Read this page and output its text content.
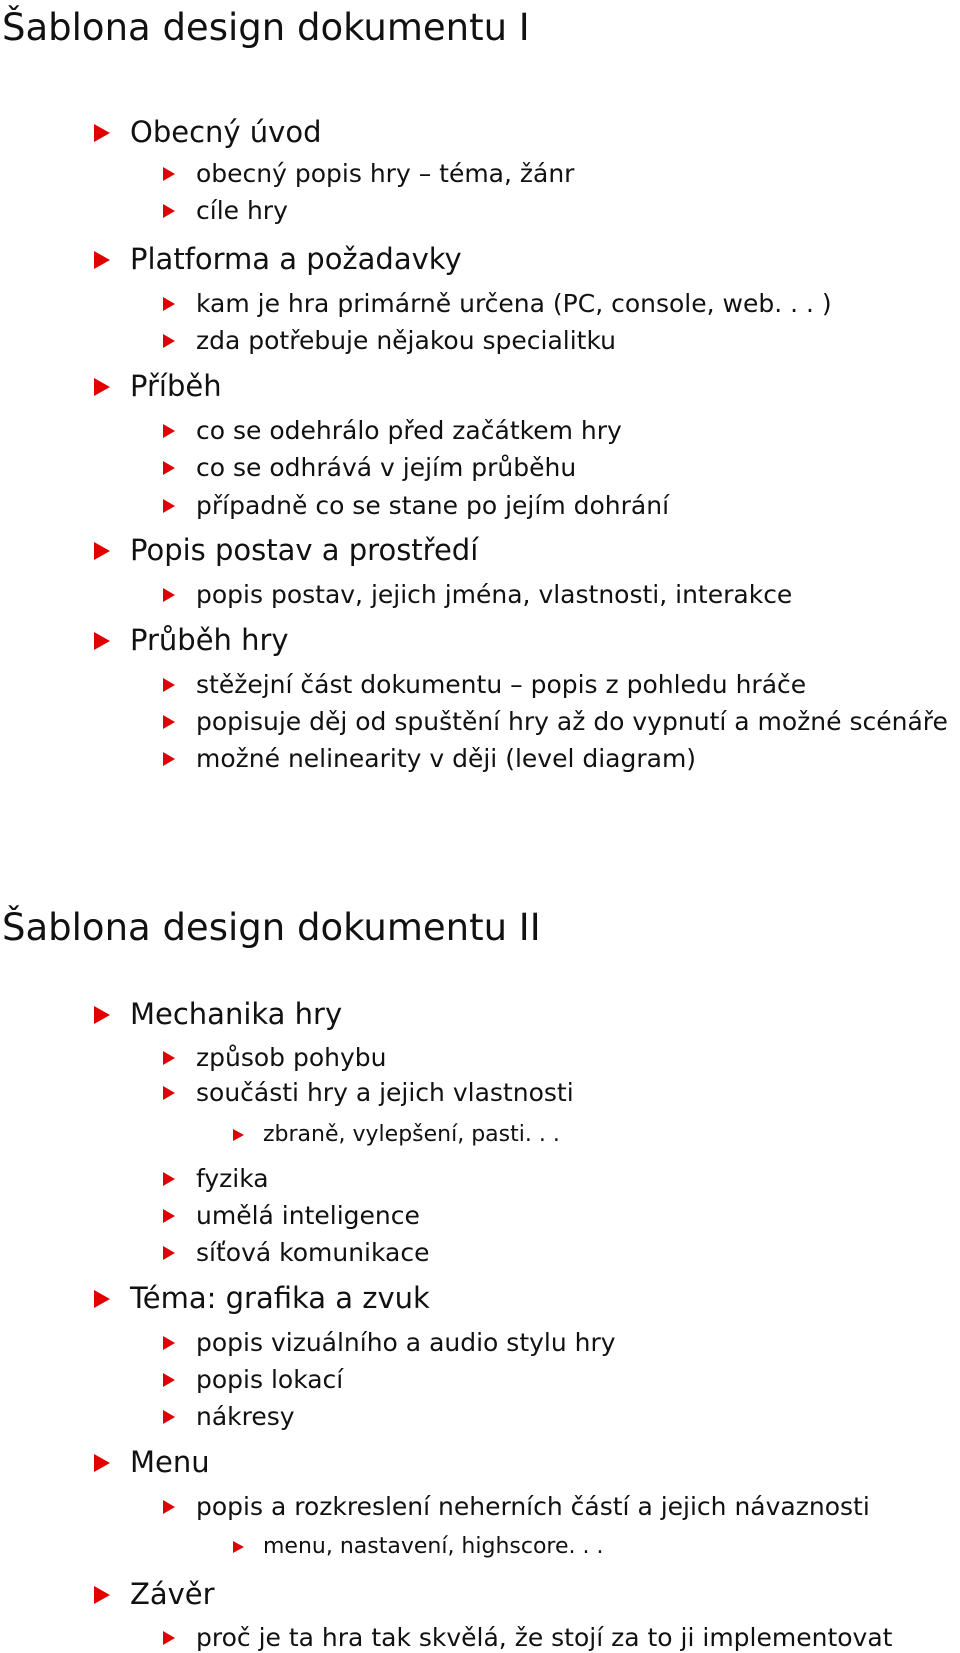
Šablona design dokumentu I
Obecný úvod
obecný popis hry – téma, žánr
cíle hry
Platforma a požadavky
kam je hra primárně určena (PC, console, web. . . )
zda potřebuje nějakou specialitku
Příběh
co se odehrálo před začátkem hry
co se odhrává v jejím průběhu
případně co se stane po jejím dohrání
Popis postav a prostředí
popis postav, jejich jména, vlastnosti, interakce
Průběh hry
stěžejní část dokumentu – popis z pohledu hráče
popisuje děj od spuštění hry až do vypnutí a možné scénáře
možné nelinearity v ději (level diagram)
Šablona design dokumentu II
Mechanika hry
způsob pohybu
součásti hry a jejich vlastnosti
zbraně, vylepšení, pasti. . .
fyzika
umělá inteligence
síťová komunikace
Téma: grafika a zvuk
popis vizuálního a audio stylu hry
popis lokací
nákresy
Menu
popis a rozkreslení neherních částí a jejich návaznosti
menu, nastavení, highscore. . .
Závěr
proč je ta hra tak skvělá, že stojí za to ji implementovat
